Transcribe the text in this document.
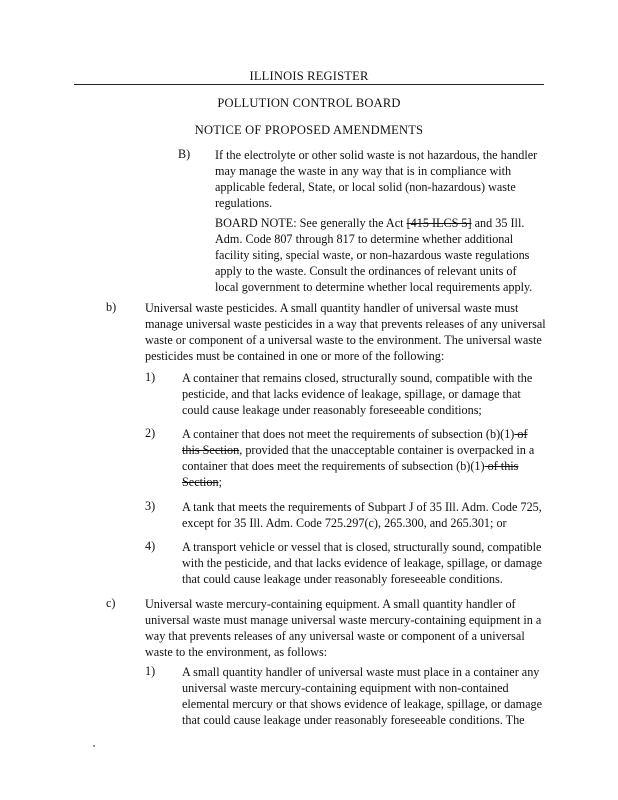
ILLINOIS REGISTER
POLLUTION CONTROL BOARD
NOTICE OF PROPOSED AMENDMENTS
B) If the electrolyte or other solid waste is not hazardous, the handler
may manage the waste in any way that is in compliance with
applicable federal, State, or local solid (non-hazardous) waste
regulations.
BOARD NOTE: See generally the Act [415 ILCS 5] and 35 Ill.
Adm. Code 807 through 817 to determine whether additional
facility siting, special waste, or non-hazardous waste regulations
apply to the waste. Consult the ordinances of relevant units of
local government to determine whether local requirements apply.
b) Universal waste pesticides. A small quantity handler of universal waste must
manage universal waste pesticides in a way that prevents releases of any universal
waste or component of a universal waste to the environment. The universal waste
pesticides must be contained in one or more of the following:
1) A container that remains closed, structurally sound, compatible with the
pesticide, and that lacks evidence of leakage, spillage, or damage that
could cause leakage under reasonably foreseeable conditions;
2) A container that does not meet the requirements of subsection (b)(1) of
this Section, provided that the unacceptable container is overpacked in a
container that does meet the requirements of subsection (b)(1) of this
Section;
3) A tank that meets the requirements of Subpart J of 35 Ill. Adm. Code 725,
except for 35 Ill. Adm. Code 725.297(c), 265.300, and 265.301; or
4) A transport vehicle or vessel that is closed, structurally sound, compatible
with the pesticide, and that lacks evidence of leakage, spillage, or damage
that could cause leakage under reasonably foreseeable conditions.
c) Universal waste mercury-containing equipment. A small quantity handler of
universal waste must manage universal waste mercury-containing equipment in a
way that prevents releases of any universal waste or component of a universal
waste to the environment, as follows:
1) A small quantity handler of universal waste must place in a container any
universal waste mercury-containing equipment with non-contained
elemental mercury or that shows evidence of leakage, spillage, or damage
that could cause leakage under reasonably foreseeable conditions. The
